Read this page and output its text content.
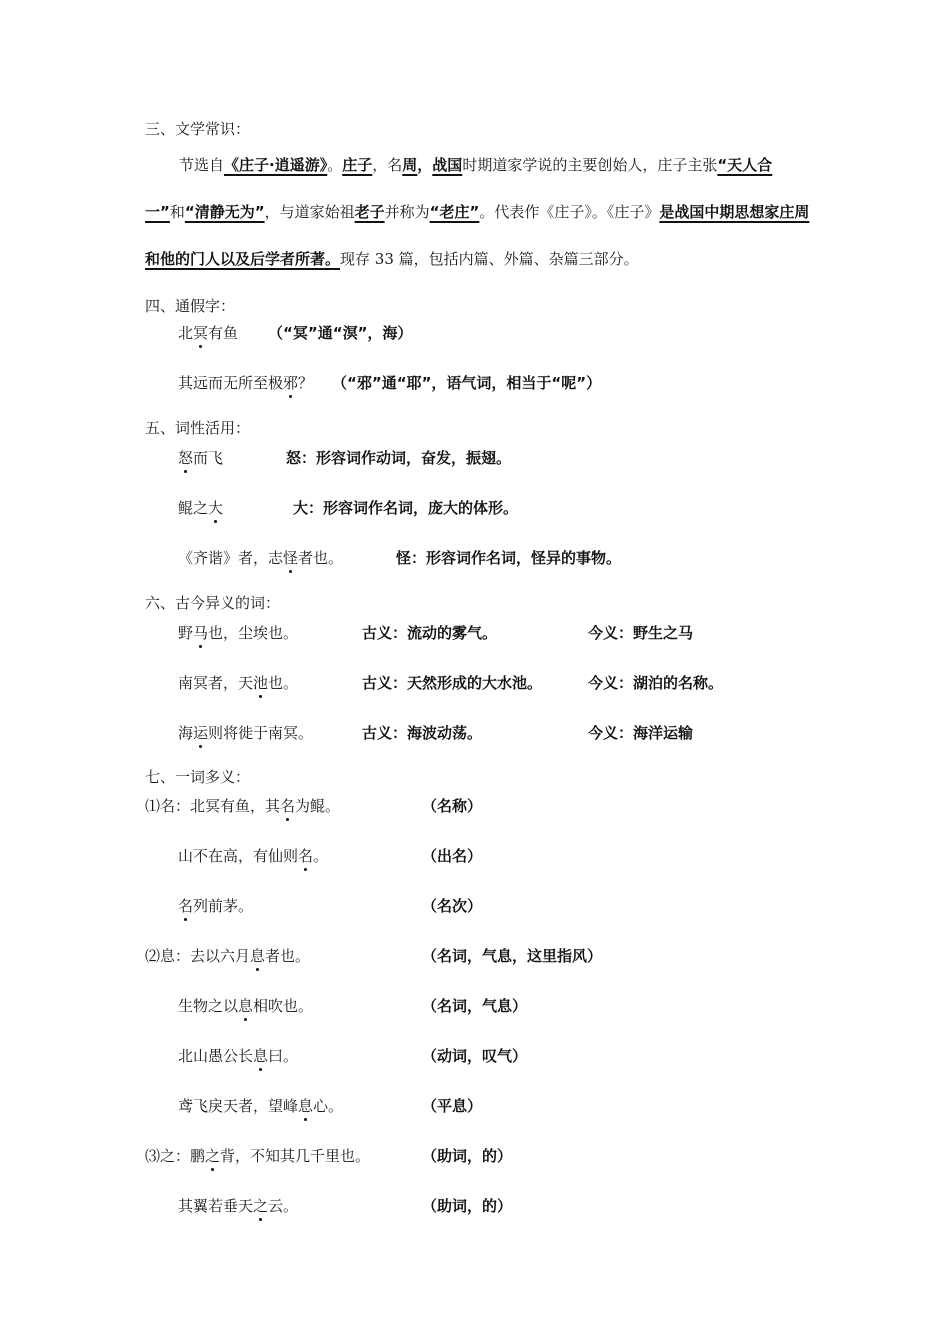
三、文学常识：
节选自《庄子·逍遥游》。庄子，名周，战国时期道家学说的主要创始人，庄子主张“天人合一”和“清静无为”，与道家始祖老子并称为“老庄”。代表作《庄子》。《庄子》是战国中期思想家庄周和他的门人以及后学者所著。现存 33 篇，包括内篇、外篇、杂篇三部分。
四、通假字：
北冥有鱼 （“冥”通“溟”，海）
其远而无所至极邪？ （“邪”通“耶”，语气词，相当于“呢”）
五、词性活用：
怒而飞	怒：形容词作动词，奋发，振翅。
鲲之大	大：形容词作名词，庞大的体形。
《齐谐》者，志怪者也。	怪：形容词作名词，怪异的事物。
六、古今异义的词：
野马也，尘埃也。	古义：流动的雾气。	今义：野生之马
南冥者，天池也。	古义：天然形成的大水池。	今义：湖泊的名称。
海运则将徙于南冥。	古义：海波动荡。	今义：海洋运输
七、一词多义：
⑴名：北冥有鱼，其名为鲲。	（名称）
山不在高，有仙则名。	（出名）
名列前茅。	（名次）
⑵息：去以六月息者也。	（名词，气息，这里指风）
生物之以息相吹也。	（名词，气息）
北山愚公长息曰。	（动词，叹气）
鸢飞戾天者，望峰息心。	（平息）
⑶之：鹏之背，不知其几千里也。	（助词，的）
其翼若垂天之云。	（助词，的）
